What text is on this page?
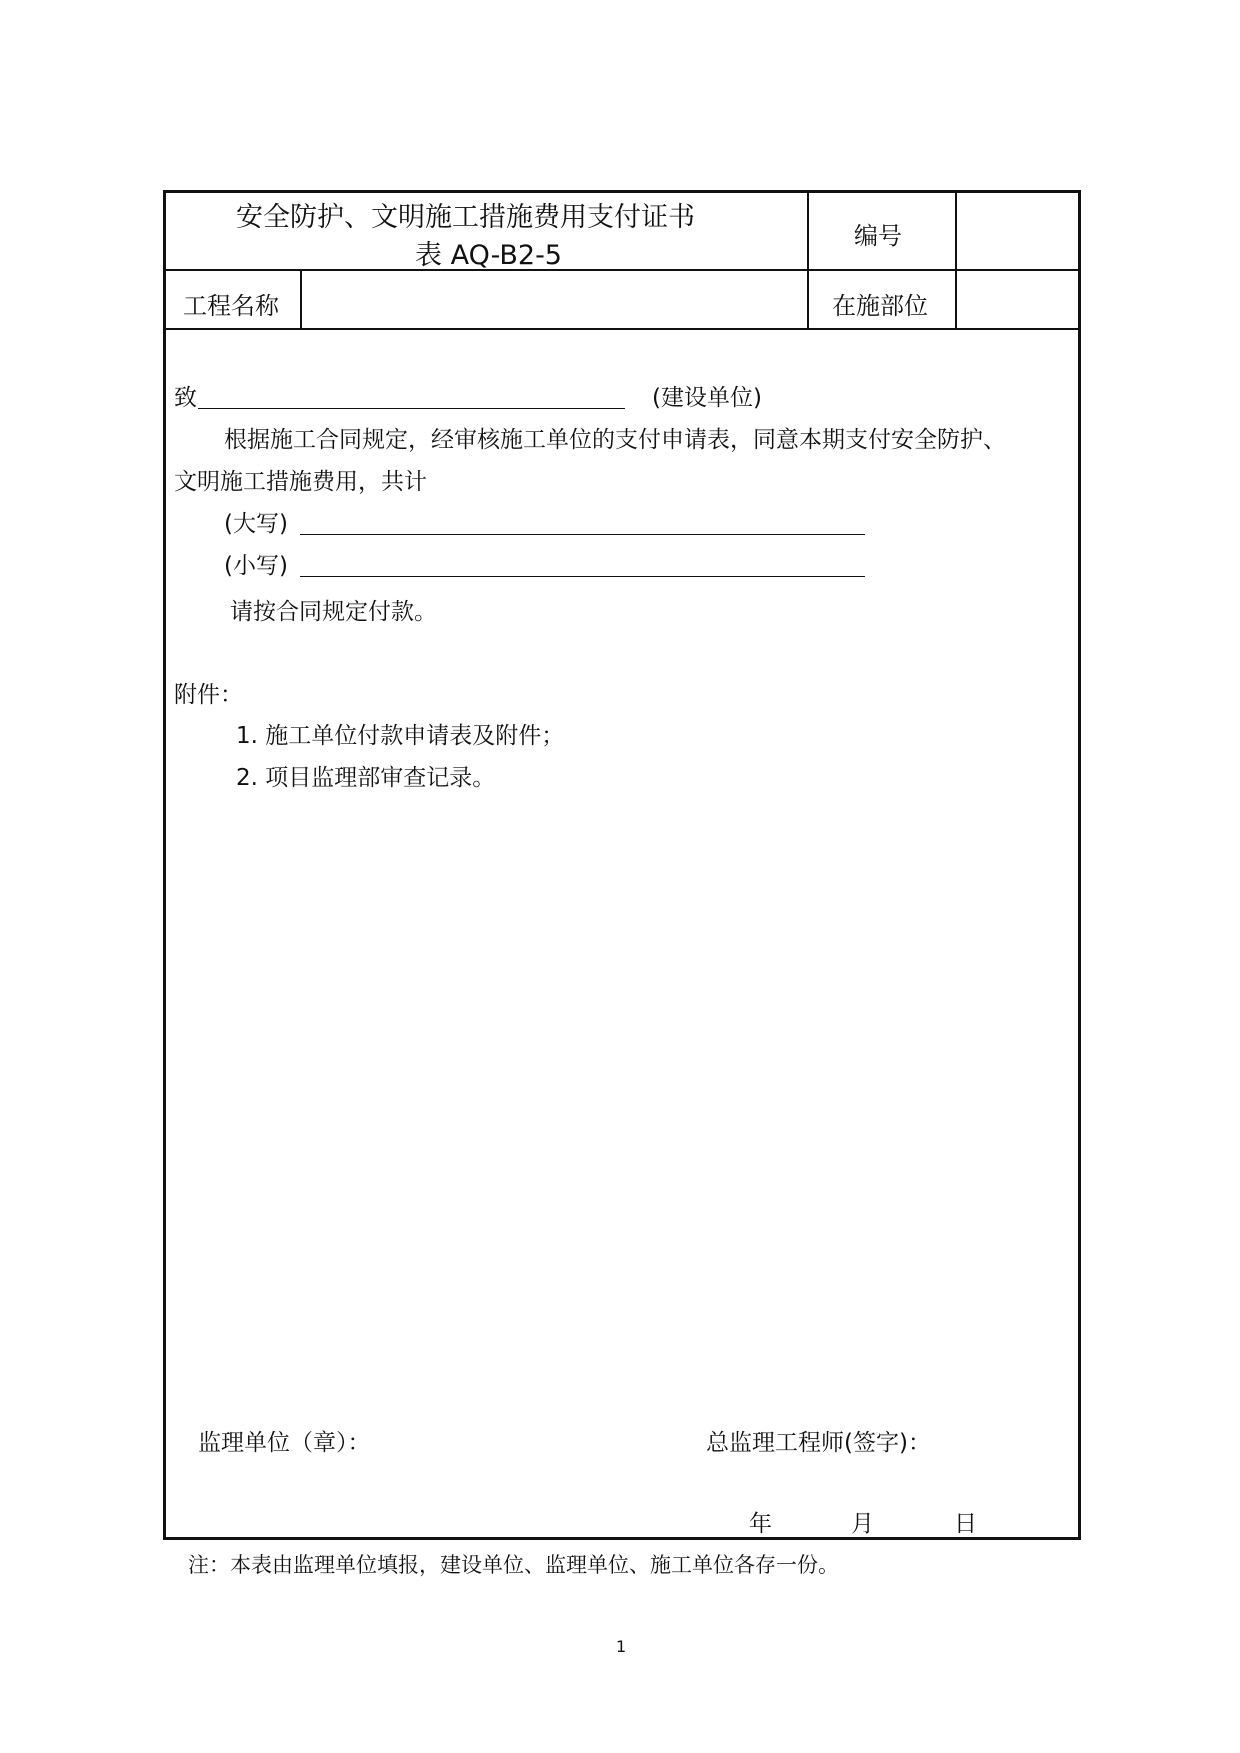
安全防护、文明施工措施费用支付证书
表 AQ-B2-5
编号
工程名称	在施部位
致	(建设单位)
根据施工合同规定，经审核施工单位的支付申请表，同意本期支付安全防护、
文明施工措施费用，共计
(大写)
(小写)
请按合同规定付款。
附件：
1. 施工单位付款申请表及附件；
2. 项目监理部审查记录。
监理单位（章）：	总监理工程师(签字)：
年	月	日
注：本表由监理单位填报，建设单位、监理单位、施工单位各存一份。
1
